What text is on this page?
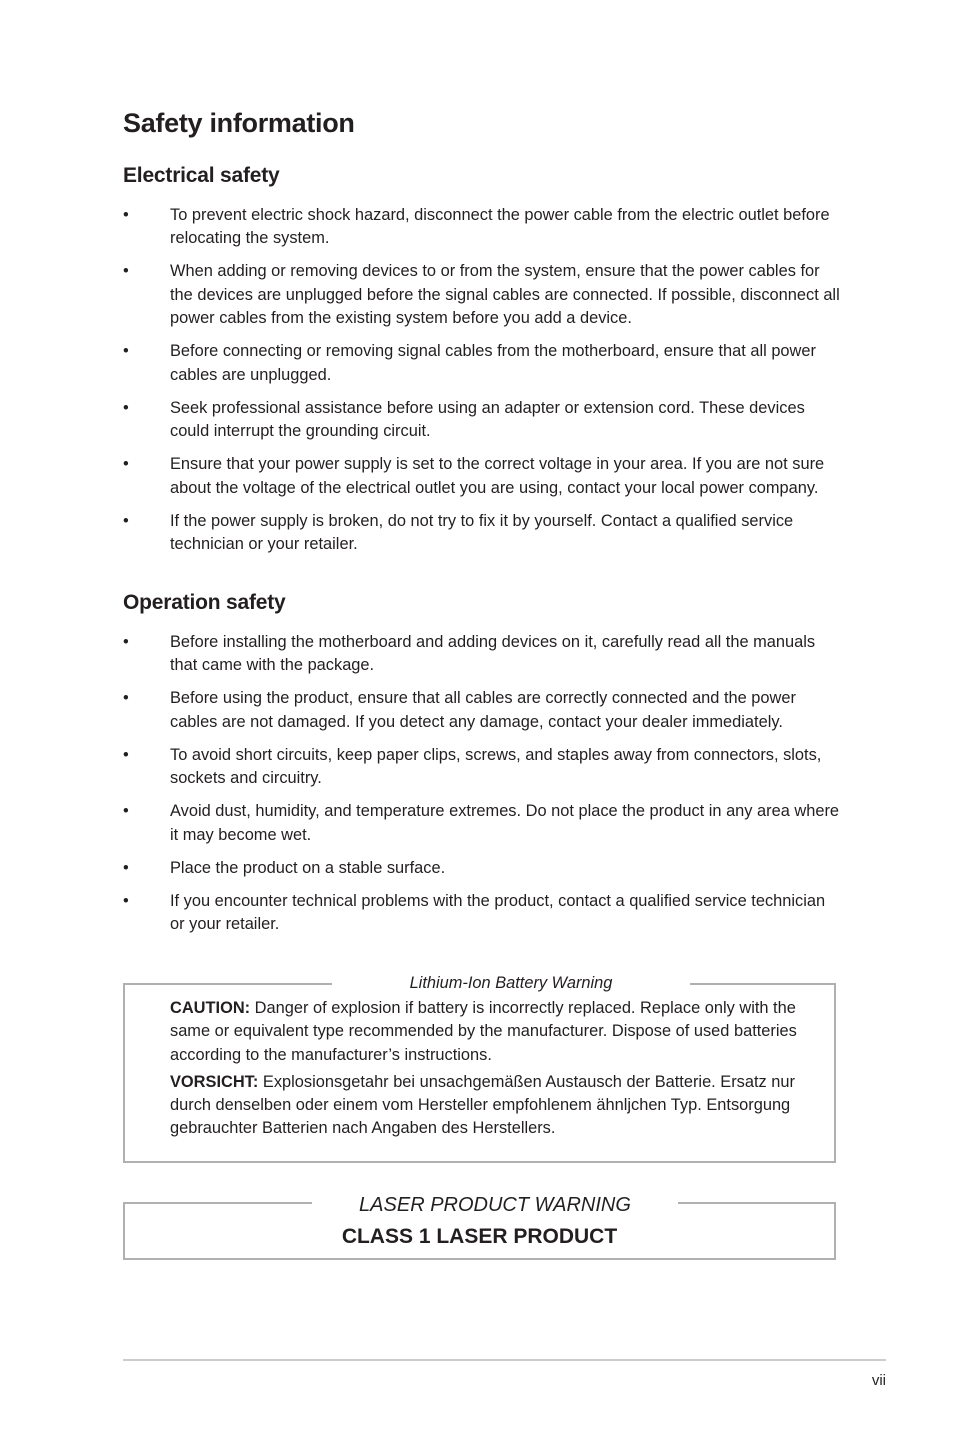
Safety information
Electrical safety
•	To prevent electric shock hazard, disconnect the power cable from the electric outlet before relocating the system.
•	When adding or removing devices to or from the system, ensure that the power cables for the devices are unplugged before the signal cables are connected. If possible, disconnect all power cables from the existing system before you add a device.
•	Before connecting or removing signal cables from the motherboard, ensure that all power cables are unplugged.
•	Seek professional assistance before using an adapter or extension cord. These devices could interrupt the grounding circuit.
•	Ensure that your power supply is set to the correct voltage in your area. If you are not sure about the voltage of the electrical outlet you are using, contact your local power company.
•	If the power supply is broken, do not try to fix it by yourself. Contact a qualified service technician or your retailer.
Operation safety
•	Before installing the motherboard and adding devices on it, carefully read all the manuals that came with the package.
•	Before using the product, ensure that all cables are correctly connected and the power cables are not damaged. If you detect any damage, contact your dealer immediately.
•	To avoid short circuits, keep paper clips, screws, and staples away from connectors, slots, sockets and circuitry.
•	Avoid dust, humidity, and temperature extremes. Do not place the product in any area where it may become wet.
•	Place the product on a stable surface.
•	If you encounter technical problems with the product, contact a qualified service technician or your retailer.
Lithium-Ion Battery Warning

CAUTION: Danger of explosion if battery is incorrectly replaced. Replace only with the same or equivalent type recommended by the manufacturer. Dispose of used batteries according to the manufacturer’s instructions.

VORSICHT: Explosionsgetahr bei unsachgemäßen Austausch der Batterie. Ersatz nur durch denselben oder einem vom Hersteller empfohlenem ähnljchen Typ. Entsorgung gebrauchter Batterien nach Angaben des Herstellers.

LASER PRODUCT WARNING
CLASS 1 LASER PRODUCT
vii
